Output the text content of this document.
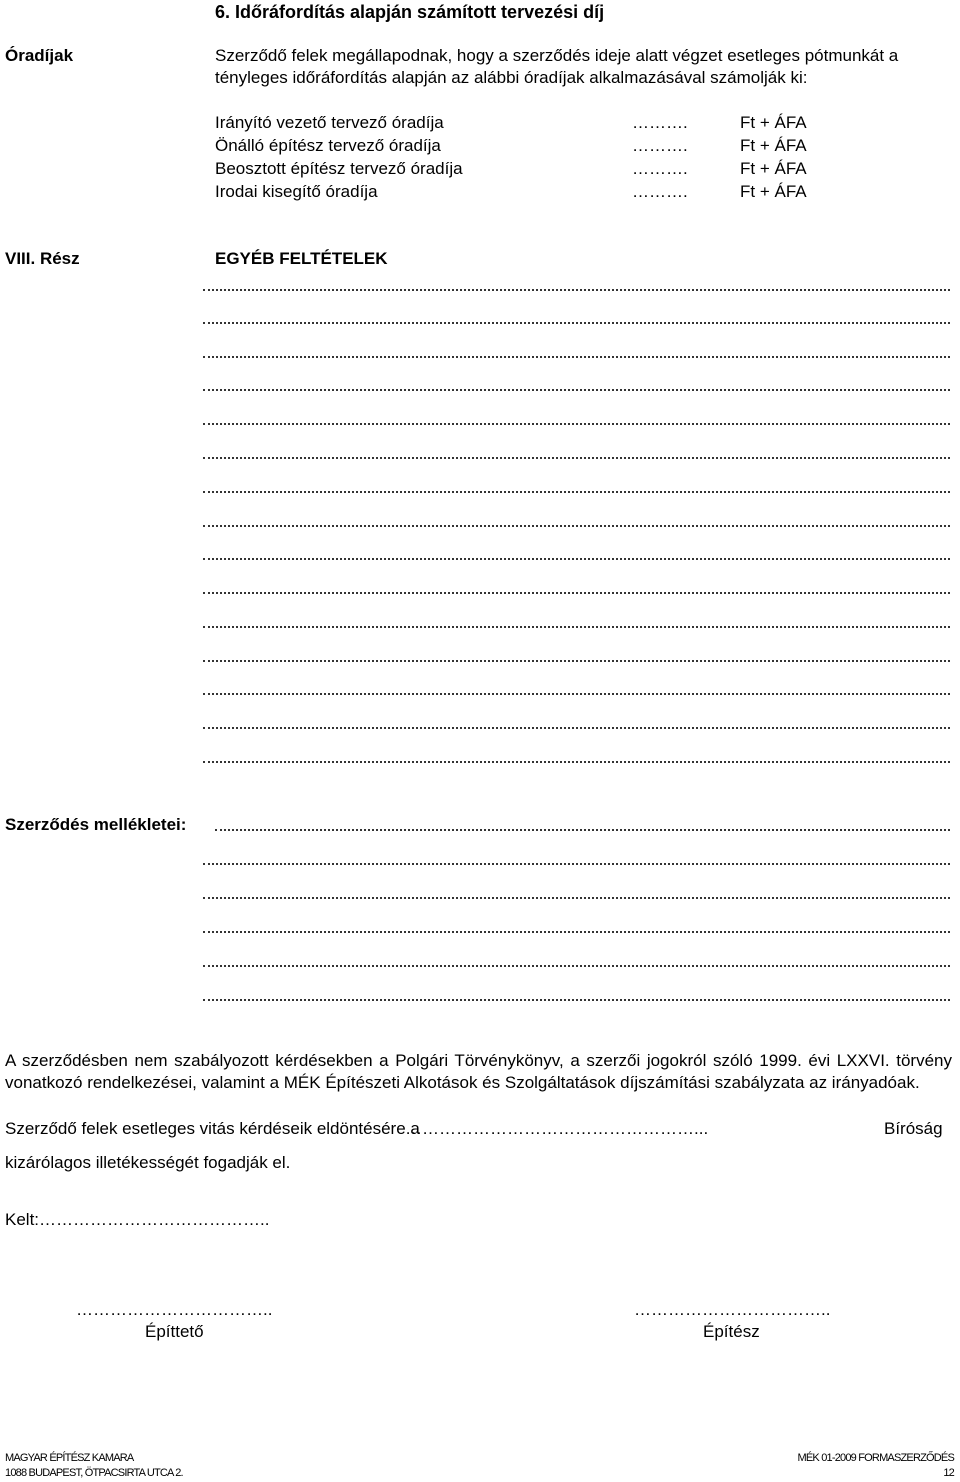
6. Időráfordítás alapján számított tervezési díj
Óradíjak	Szerződő felek megállapodnak, hogy a szerződés ideje alatt végzet esetleges pótmunkát a tényleges időráfordítás alapján az alábbi óradíjak alkalmazásával számolják ki:
Irányító vezető tervező óradíja	……….	Ft + ÁFA
Önálló építész tervező óradíja	……….	Ft + ÁFA
Beosztott építész tervező óradíja	……….	Ft + ÁFA
Irodai kisegítő óradíja	……….	Ft + ÁFA
VIII. Rész	EGYÉB FELTÉTELEK
Szerződés mellékletei:
A szerződésben nem szabályozott kérdésekben a Polgári Törvénykönyv, a szerzői jogokról szóló 1999. évi LXXVI. törvény vonatkozó rendelkezései, valamint a MÉK Építészeti Alkotások és Szolgáltatások díjszámítási szabályzata az irányadóak.
Szerződő felek esetleges vitás kérdéseik eldöntésére a
……………………………………………...	Bíróság
kizárólagos illetékességét fogadják el.
Kelt:…………………………………..
……………………………..
Építtető
……………………………..
Építész
MAGYAR ÉPÍTÉSZ KAMARA
1088 BUDAPEST, ÖTPACSIRTA UTCA 2.
MÉK 01-2009 FORMASZERZŐDÉS
12
